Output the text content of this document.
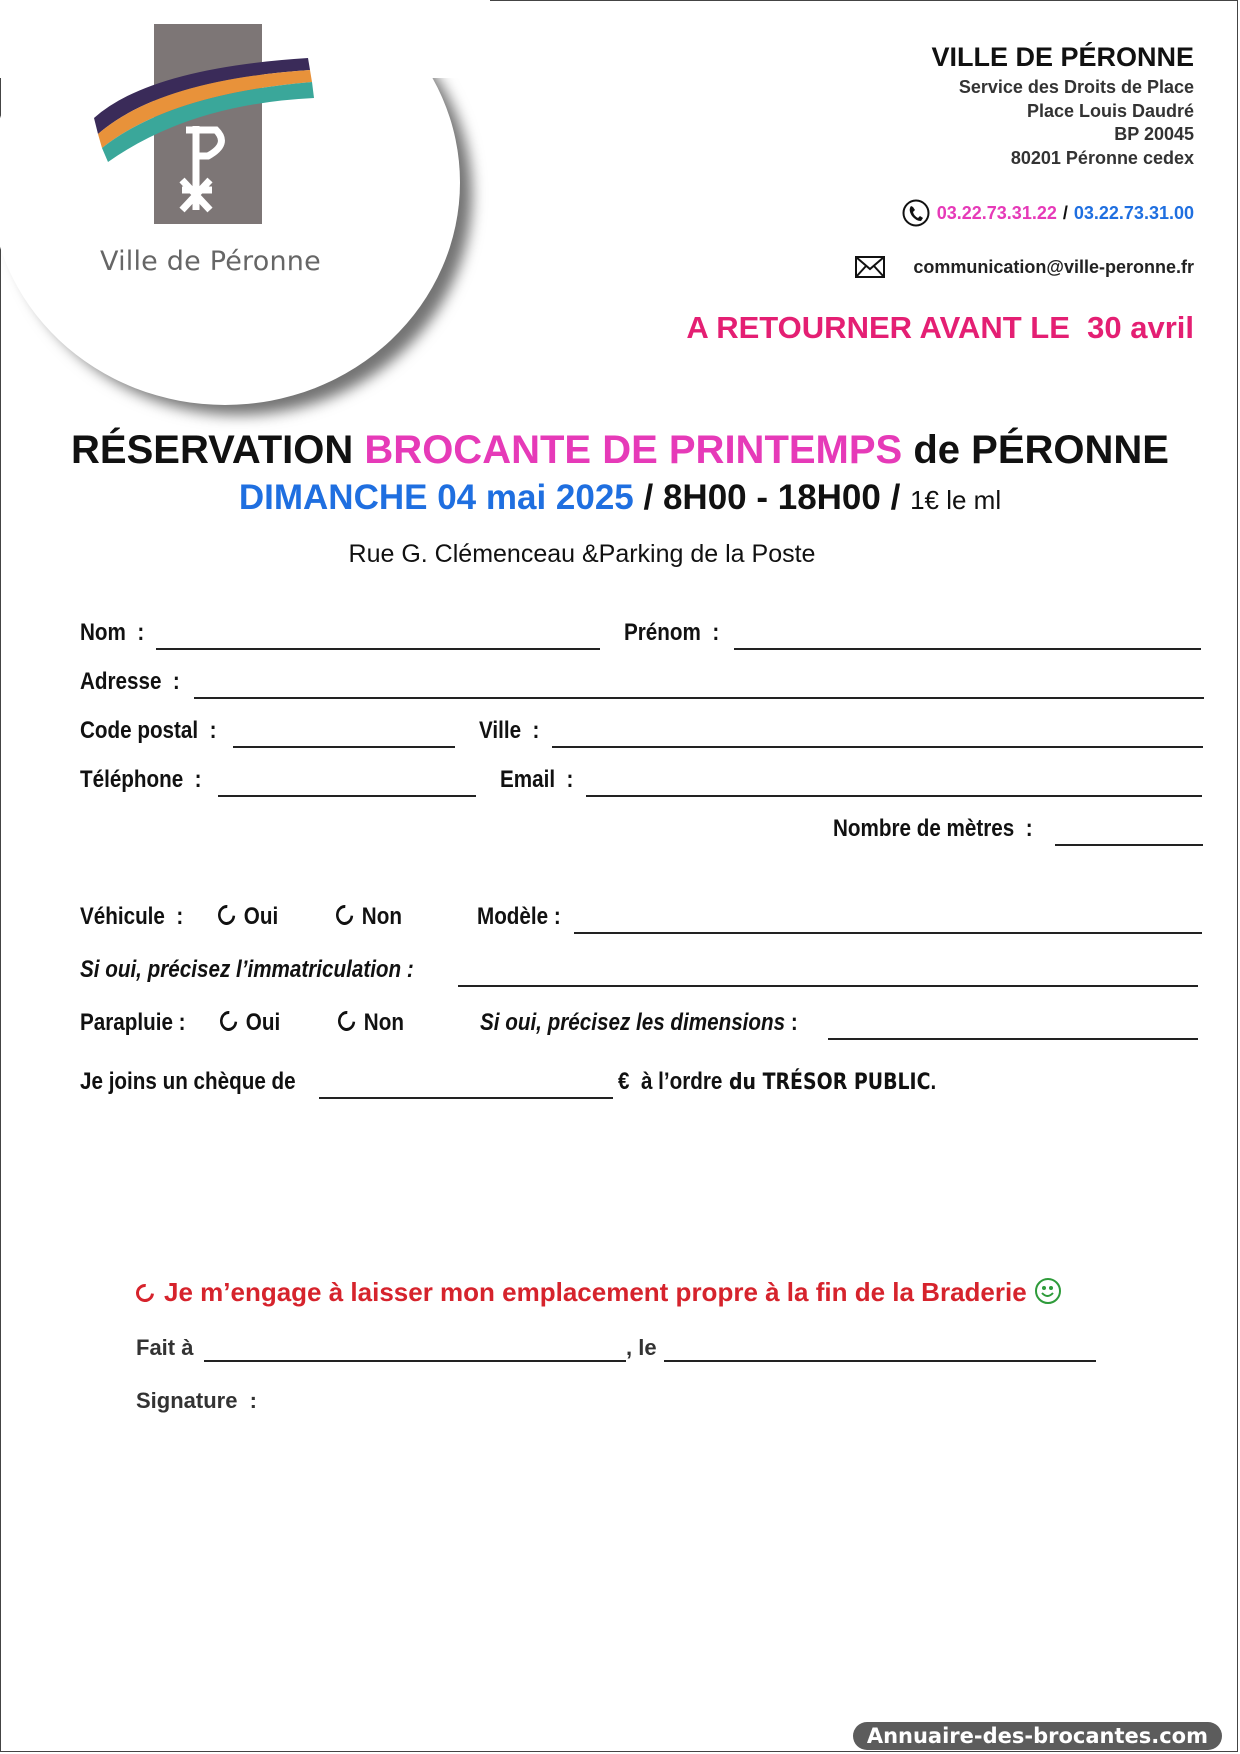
Ville de Péronne
VILLE DE PÉRONNE
Service des Droits de Place
Place Louis Daudré
BP 20045
80201 Péronne cedex
03.22.73.31.22 / 03.22.73.31.00
communication@ville-peronne.fr
A RETOURNER AVANT LE  30 avril
RÉSERVATION BROCANTE DE PRINTEMPS de PÉRONNE
DIMANCHE 04 mai 2025 / 8H00 - 18H00 / 1€ le ml
Rue G. Clémenceau &Parking de la Poste
Nom  :	Prénom  :
Adresse  :
Code postal  :	Ville  :
Téléphone  :	Email  :
Nombre de mètres  :
Véhicule  :	Oui	Non	Modèle :
Si oui, précisez l’immatriculation :
Parapluie :	Oui	Non	Si oui, précisez les dimensions :
Je joins un chèque de	€  à l’ordre du TRÉSOR PUBLIC.
Je m’engage à laisser mon emplacement propre à la fin de la Braderie
Fait à	, le
Signature  :
Annuaire-des-brocantes.com
